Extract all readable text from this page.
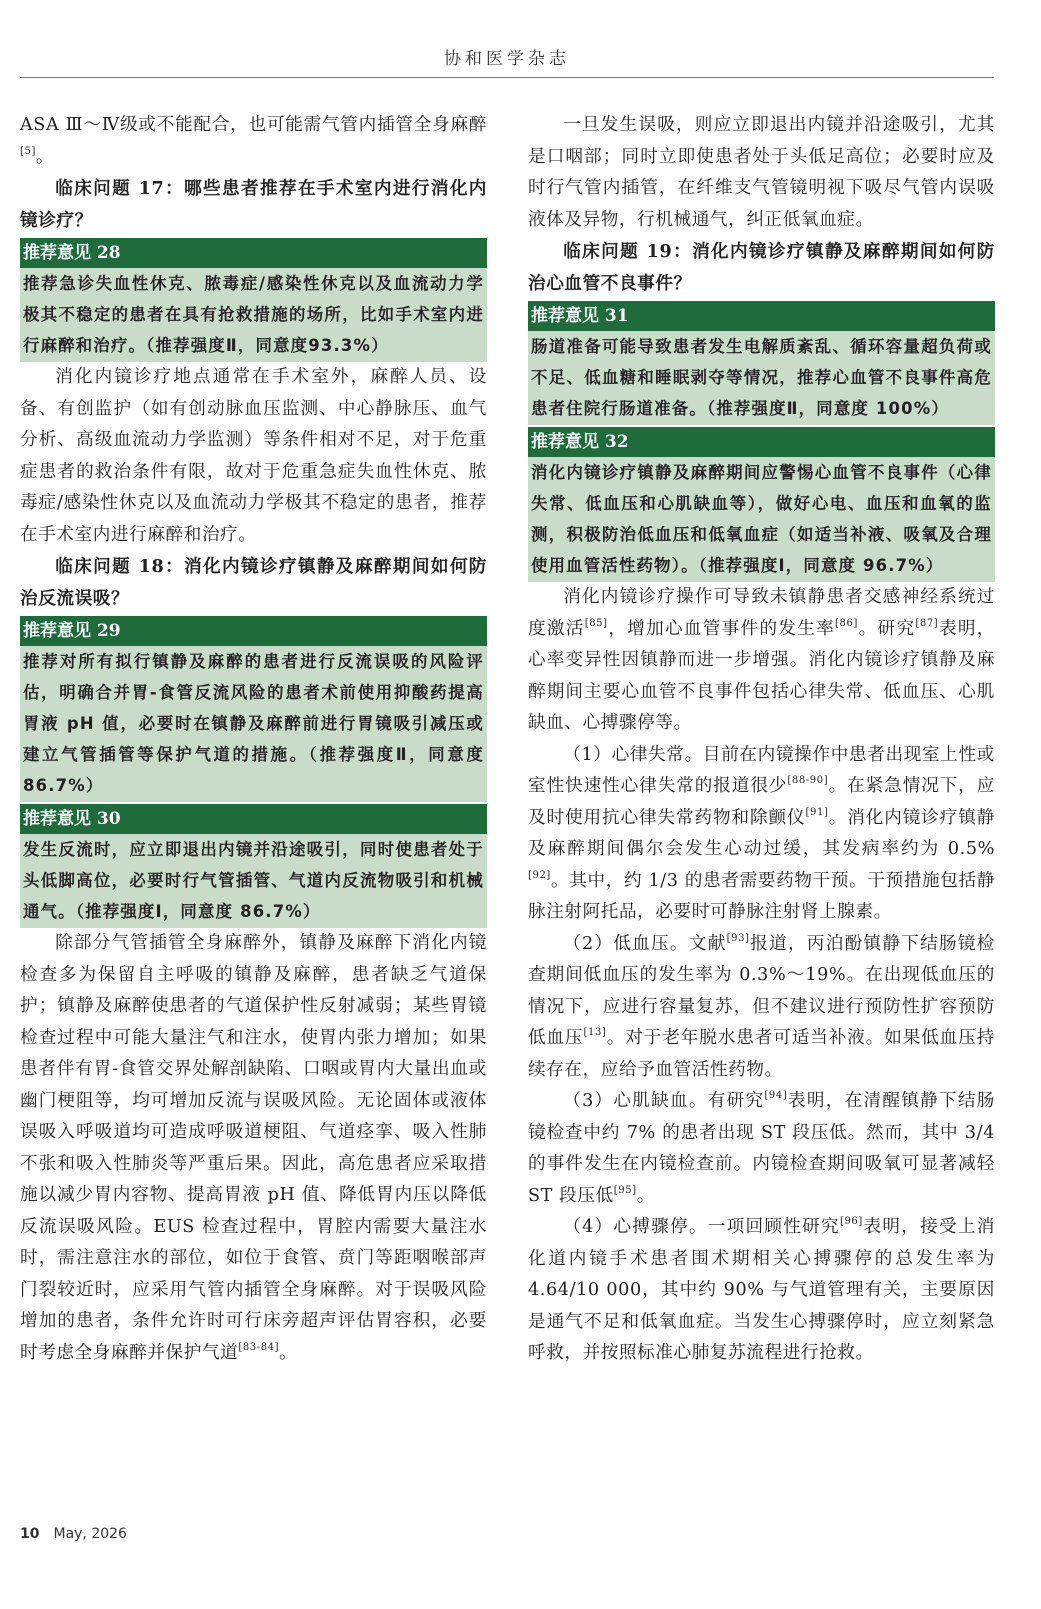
协和医学杂志

ASA Ⅲ～Ⅳ级或不能配合，也可能需气管内插管全身麻醉[5]。

临床问题 17：哪些患者推荐在手术室内进行消化内镜诊疗？
推荐意见 28
推荐急诊失血性休克、脓毒症/感染性休克以及血流动力学极其不稳定的患者在具有抢救措施的场所，比如手术室内进行麻醉和治疗。（推荐强度Ⅱ，同意度93.3%）

消化内镜诊疗地点通常在手术室外，麻醉人员、设备、有创监护（如有创动脉血压监测、中心静脉压、血气分析、高级血流动力学监测）等条件相对不足，对于危重症患者的救治条件有限，故对于危重急症失血性休克、脓毒症/感染性休克以及血流动力学极其不稳定的患者，推荐在手术室内进行麻醉和治疗。

临床问题 18：消化内镜诊疗镇静及麻醉期间如何防治反流误吸？
推荐意见 29
推荐对所有拟行镇静及麻醉的患者进行反流误吸的风险评估，明确合并胃-食管反流风险的患者术前使用抑酸药提高胃液 pH 值，必要时在镇静及麻醉前进行胃镜吸引减压或建立气管插管等保护气道的措施。（推荐强度Ⅱ，同意度 86.7%）
推荐意见 30
发生反流时，应立即退出内镜并沿途吸引，同时使患者处于头低脚高位，必要时行气管插管、气道内反流物吸引和机械通气。（推荐强度Ⅰ，同意度 86.7%）

除部分气管插管全身麻醉外，镇静及麻醉下消化内镜检查多为保留自主呼吸的镇静及麻醉，患者缺乏气道保护；镇静及麻醉使患者的气道保护性反射减弱；某些胃镜检查过程中可能大量注气和注水，使胃内张力增加；如果患者伴有胃-食管交界处解剖缺陷、口咽或胃内大量出血或幽门梗阻等，均可增加反流与误吸风险。无论固体或液体误吸入呼吸道均可造成呼吸道梗阻、气道痉挛、吸入性肺不张和吸入性肺炎等严重后果。因此，高危患者应采取措施以减少胃内容物、提高胃液 pH 值、降低胃内压以降低反流误吸风险。EUS 检查过程中，胃腔内需要大量注水时，需注意注水的部位，如位于食管、贲门等距咽喉部声门裂较近时，应采用气管内插管全身麻醉。对于误吸风险增加的患者，条件允许时可行床旁超声评估胃容积，必要时考虑全身麻醉并保护气道[83-84]。

一旦发生误吸，则应立即退出内镜并沿途吸引，尤其是口咽部；同时立即使患者处于头低足高位；必要时应及时行气管内插管，在纤维支气管镜明视下吸尽气管内误吸液体及异物，行机械通气，纠正低氧血症。

临床问题 19：消化内镜诊疗镇静及麻醉期间如何防治心血管不良事件？
推荐意见 31
肠道准备可能导致患者发生电解质紊乱、循环容量超负荷或不足、低血糖和睡眠剥夺等情况，推荐心血管不良事件高危患者住院行肠道准备。（推荐强度Ⅱ，同意度 100%）
推荐意见 32
消化内镜诊疗镇静及麻醉期间应警惕心血管不良事件（心律失常、低血压和心肌缺血等），做好心电、血压和血氧的监测，积极防治低血压和低氧血症（如适当补液、吸氧及合理使用血管活性药物）。（推荐强度Ⅰ，同意度 96.7%）

消化内镜诊疗操作可导致未镇静患者交感神经系统过度激活[85]，增加心血管事件的发生率[86]。研究[87]表明，心率变异性因镇静而进一步增强。消化内镜诊疗镇静及麻醉期间主要心血管不良事件包括心律失常、低血压、心肌缺血、心搏骤停等。

（1）心律失常。目前在内镜操作中患者出现室上性或室性快速性心律失常的报道很少[88-90]。在紧急情况下，应及时使用抗心律失常药物和除颤仪[91]。消化内镜诊疗镇静及麻醉期间偶尔会发生心动过缓，其发病率约为 0.5%[92]。其中，约 1/3 的患者需要药物干预。干预措施包括静脉注射阿托品，必要时可静脉注射肾上腺素。

（2）低血压。文献[93]报道，丙泊酚镇静下结肠镜检查期间低血压的发生率为 0.3%～19%。在出现低血压的情况下，应进行容量复苏，但不建议进行预防性扩容预防低血压[13]。对于老年脱水患者可适当补液。如果低血压持续存在，应给予血管活性药物。

（3）心肌缺血。有研究[94]表明，在清醒镇静下结肠镜检查中约 7% 的患者出现 ST 段压低。然而，其中 3/4 的事件发生在内镜检查前。内镜检查期间吸氧可显著减轻 ST 段压低[95]。

（4）心搏骤停。一项回顾性研究[96]表明，接受上消化道内镜手术患者围术期相关心搏骤停的总发生率为 4.64/10 000，其中约 90% 与气道管理有关，主要原因是通气不足和低氧血症。当发生心搏骤停时，应立刻紧急呼救，并按照标准心肺复苏流程进行抢救。

10 May, 2026
